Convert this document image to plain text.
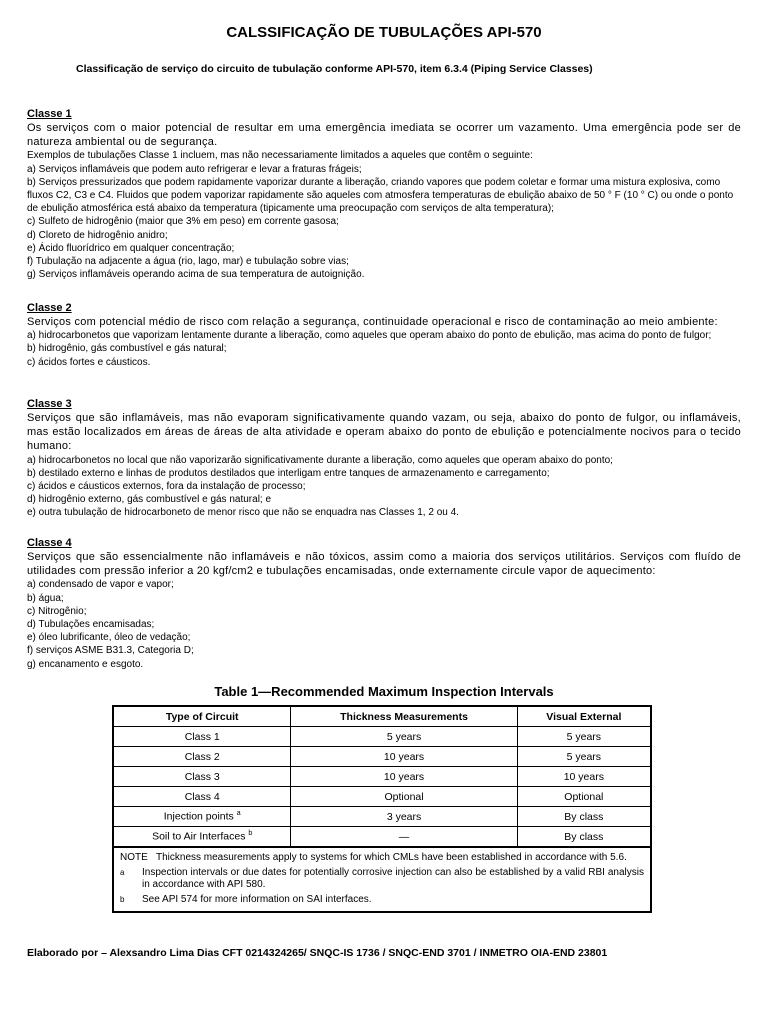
CALSSIFICAÇÃO DE TUBULAÇÕES API-570
Classificação de serviço do circuito de tubulação conforme API-570, item 6.3.4 (Piping Service Classes)
Classe 1
Os serviços com o maior potencial de resultar em uma emergência imediata se ocorrer um vazamento. Uma emergência pode ser de natureza ambiental ou de segurança.
Exemplos de tubulações Classe 1 incluem, mas não necessariamente limitados a aqueles que contêm o seguinte:
a) Serviços inflamáveis que podem auto refrigerar e levar a fraturas frágeis;
b) Serviços pressurizados que podem rapidamente vaporizar durante a liberação, criando vapores que podem coletar e formar uma mistura explosiva, como fluxos C2, C3 e C4. Fluidos que podem vaporizar rapidamente são aqueles com atmosfera temperaturas de ebulição abaixo de 50 ° F (10 ° C) ou onde o ponto de ebulição atmosférica está abaixo da temperatura (tipicamente uma preocupação com serviços de alta temperatura);
c) Sulfeto de hidrogênio (maior que 3% em peso) em corrente gasosa;
d) Cloreto de hidrogênio anidro;
e) Ácido fluorídrico em qualquer concentração;
f) Tubulação na adjacente a água (rio, lago, mar) e tubulação sobre vias;
g) Serviços inflamáveis operando acima de sua temperatura de autoignição.
Classe 2
Serviços com potencial médio de risco com relação a segurança, continuidade operacional e risco de contaminação ao meio ambiente:
a) hidrocarbonetos que vaporizam lentamente durante a liberação, como aqueles que operam abaixo do ponto de ebulição, mas acima do ponto de fulgor;
b) hidrogênio, gás combustível e gás natural;
c) ácidos fortes e cáusticos.
Classe 3
Serviços que são inflamáveis, mas não evaporam significativamente quando vazam, ou seja, abaixo do ponto de fulgor, ou inflamáveis, mas estão localizados em áreas de áreas de alta atividade e operam abaixo do ponto de ebulição e potencialmente nocivos para o tecido humano:
a) hidrocarbonetos no local que não vaporizarão significativamente durante a liberação, como aqueles que operam abaixo do ponto;
b) destilado externo e linhas de produtos destilados que interligam entre tanques de armazenamento e carregamento;
c) ácidos e cáusticos externos, fora da instalação de processo;
d) hidrogênio externo, gás combustível e gás natural; e
e) outra tubulação de hidrocarboneto de menor risco que não se enquadra nas Classes 1, 2 ou 4.
Classe 4
Serviços que são essencialmente não inflamáveis e não tóxicos, assim como a maioria dos serviços utilitários. Serviços com fluído de utilidades com pressão inferior a 20 kgf/cm2 e tubulações encamisadas, onde externamente circule vapor de aquecimento:
a) condensado de vapor e vapor;
b) água;
c) Nitrogênio;
d) Tubulações encamisadas;
e) óleo lubrificante, óleo de vedação;
f) serviços ASME B31.3, Categoria D;
g) encanamento e esgoto.
Table 1—Recommended Maximum Inspection Intervals
Type of Circuit	Thickness Measurements	Visual External
Class 1	5 years	5 years
Class 2	10 years	5 years
Class 3	10 years	10 years
Class 4	Optional	Optional
Injection points $^a$	3 years	By class
Soil to Air Interfaces $^b$	—	By class
NOTE Thickness measurements apply to systems for which CMLs have been established in accordance with 5.6.
a	Inspection intervals or due dates for potentially corrosive injection can also be established by a valid RBI analysis in accordance with API 580.
b	See API 574 for more information on SAI interfaces.
Elaborado por – Alexsandro Lima Dias CFT 0214324265/ SNQC-IS 1736 / SNQC-END 3701 / INMETRO OIA-END 23801
